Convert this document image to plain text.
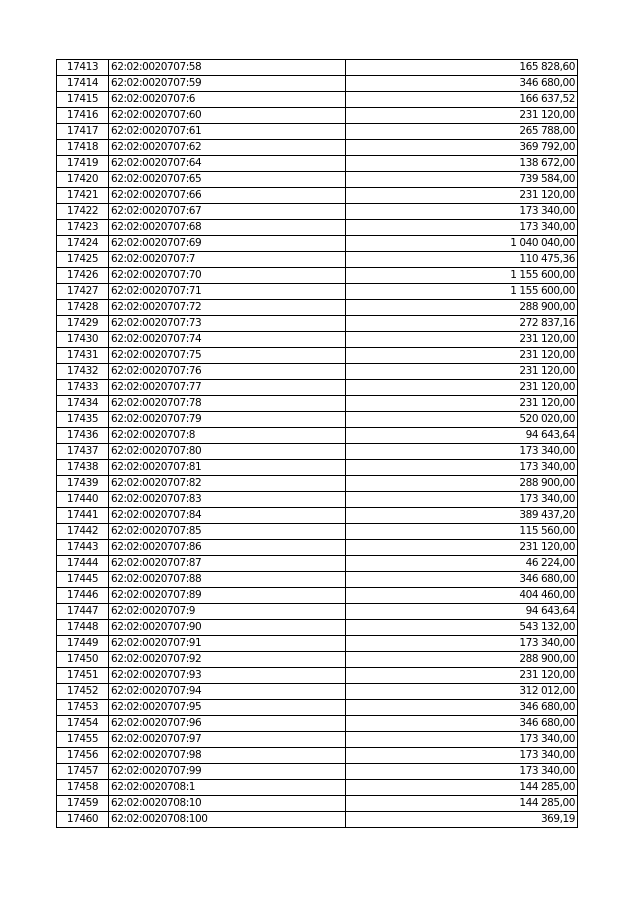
17413	62:02:0020707:58	165 828,60
17414	62:02:0020707:59	346 680,00
17415	62:02:0020707:6	166 637,52
17416	62:02:0020707:60	231 120,00
17417	62:02:0020707:61	265 788,00
17418	62:02:0020707:62	369 792,00
17419	62:02:0020707:64	138 672,00
17420	62:02:0020707:65	739 584,00
17421	62:02:0020707:66	231 120,00
17422	62:02:0020707:67	173 340,00
17423	62:02:0020707:68	173 340,00
17424	62:02:0020707:69	1 040 040,00
17425	62:02:0020707:7	110 475,36
17426	62:02:0020707:70	1 155 600,00
17427	62:02:0020707:71	1 155 600,00
17428	62:02:0020707:72	288 900,00
17429	62:02:0020707:73	272 837,16
17430	62:02:0020707:74	231 120,00
17431	62:02:0020707:75	231 120,00
17432	62:02:0020707:76	231 120,00
17433	62:02:0020707:77	231 120,00
17434	62:02:0020707:78	231 120,00
17435	62:02:0020707:79	520 020,00
17436	62:02:0020707:8	94 643,64
17437	62:02:0020707:80	173 340,00
17438	62:02:0020707:81	173 340,00
17439	62:02:0020707:82	288 900,00
17440	62:02:0020707:83	173 340,00
17441	62:02:0020707:84	389 437,20
17442	62:02:0020707:85	115 560,00
17443	62:02:0020707:86	231 120,00
17444	62:02:0020707:87	46 224,00
17445	62:02:0020707:88	346 680,00
17446	62:02:0020707:89	404 460,00
17447	62:02:0020707:9	94 643,64
17448	62:02:0020707:90	543 132,00
17449	62:02:0020707:91	173 340,00
17450	62:02:0020707:92	288 900,00
17451	62:02:0020707:93	231 120,00
17452	62:02:0020707:94	312 012,00
17453	62:02:0020707:95	346 680,00
17454	62:02:0020707:96	346 680,00
17455	62:02:0020707:97	173 340,00
17456	62:02:0020707:98	173 340,00
17457	62:02:0020707:99	173 340,00
17458	62:02:0020708:1	144 285,00
17459	62:02:0020708:10	144 285,00
17460	62:02:0020708:100	369,19
